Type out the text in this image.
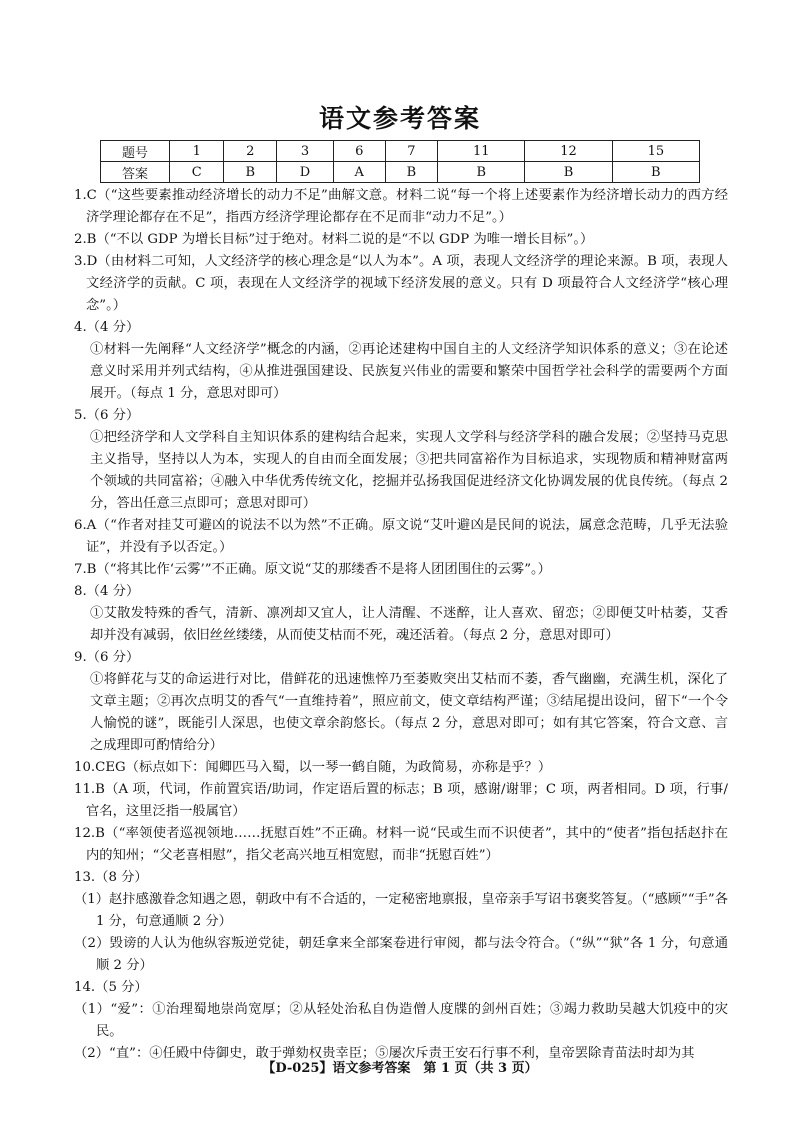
语文参考答案
题号	1	2	3	6	7	11	12	15
答案	C	B	D	A	B	B	B	B

1.C（“这些要素推动经济增长的动力不足”曲解文意。材料二说“每一个将上述要素作为经济增长动力的西方经济学理论都存在不足”，指西方经济学理论都存在不足而非“动力不足”。）

2.B（“不以 GDP 为增长目标”过于绝对。材料二说的是“不以 GDP 为唯一增长目标”。）

3.D（由材料二可知，人文经济学的核心理念是“以人为本”。A 项，表现人文经济学的理论来源。B 项，表现人文经济学的贡献。C 项，表现在人文经济学的视域下经济发展的意义。只有 D 项最符合人文经济学“核心理念”。）

4.（4 分）

①材料一先阐释“人文经济学”概念的内涵，②再论述建构中国自主的人文经济学知识体系的意义；③在论述意义时采用并列式结构，④从推进强国建设、民族复兴伟业的需要和繁荣中国哲学社会科学的需要两个方面展开。（每点 1 分，意思对即可）

5.（6 分）

①把经济学和人文学科自主知识体系的建构结合起来，实现人文学科与经济学科的融合发展；②坚持马克思主义指导，坚持以人为本，实现人的自由而全面发展；③把共同富裕作为目标追求，实现物质和精神财富两个领域的共同富裕；④融入中华优秀传统文化，挖掘并弘扬我国促进经济文化协调发展的优良传统。（每点 2 分，答出任意三点即可；意思对即可）

6.A（“作者对挂艾可避凶的说法不以为然”不正确。原文说“艾叶避凶是民间的说法，属意念范畴，几乎无法验证”，并没有予以否定。）

7.B（“将其比作‘云雾’”不正确。原文说“艾的那缕香不是将人团团围住的云雾”。）

8.（4 分）

①艾散发特殊的香气，清新、凛冽却又宜人，让人清醒、不迷醉，让人喜欢、留恋；②即便艾叶枯萎，艾香却并没有减弱，依旧丝丝缕缕，从而使艾枯而不死，魂还活着。（每点 2 分，意思对即可）

9.（6 分）

①将鲜花与艾的命运进行对比，借鲜花的迅速憔悴乃至萎败突出艾枯而不萎，香气幽幽，充满生机，深化了文章主题；②再次点明艾的香气“一直维持着”，照应前文，使文章结构严谨；③结尾提出设问，留下“一个令人愉悦的谜”，既能引人深思，也使文章余韵悠长。（每点 2 分，意思对即可；如有其它答案，符合文意、言之成理即可酌情给分）

10.CEG（标点如下：闻卿匹马入蜀，以一琴一鹤自随，为政简易，亦称是乎？）

11.B（A 项，代词，作前置宾语/助词，作定语后置的标志；B 项，感谢/谢罪；C 项，两者相同。D 项，行事/官名，这里泛指一般属官）

12.B（“率领使者巡视领地……抚慰百姓”不正确。材料一说“民或生而不识使者”，其中的“使者”指包括赵抃在内的知州；“父老喜相慰”，指父老高兴地互相宽慰，而非“抚慰百姓”）

13.（8 分）

（1）赵抃感激眷念知遇之恩，朝政中有不合适的，一定秘密地禀报，皇帝亲手写诏书褒奖答复。（“感顾”“手”各 1 分，句意通顺 2 分）

（2）毁谤的人认为他纵容叛逆党徒，朝廷拿来全部案卷进行审阅，都与法令符合。（“纵”“狱”各 1 分，句意通顺 2 分）

14.（5 分）

（1）“爱”：①治理蜀地崇尚宽厚；②从轻处治私自伪造僧人度牒的剑州百姓；③竭力救助吴越大饥疫中的灾民。

（2）“直”：④任殿中侍御史，敢于弹劾权贵幸臣；⑤屡次斥责王安石行事不利，皇帝罢除青苗法时却为其

【D-025】语文参考答案　第 1 页（共 3 页）
